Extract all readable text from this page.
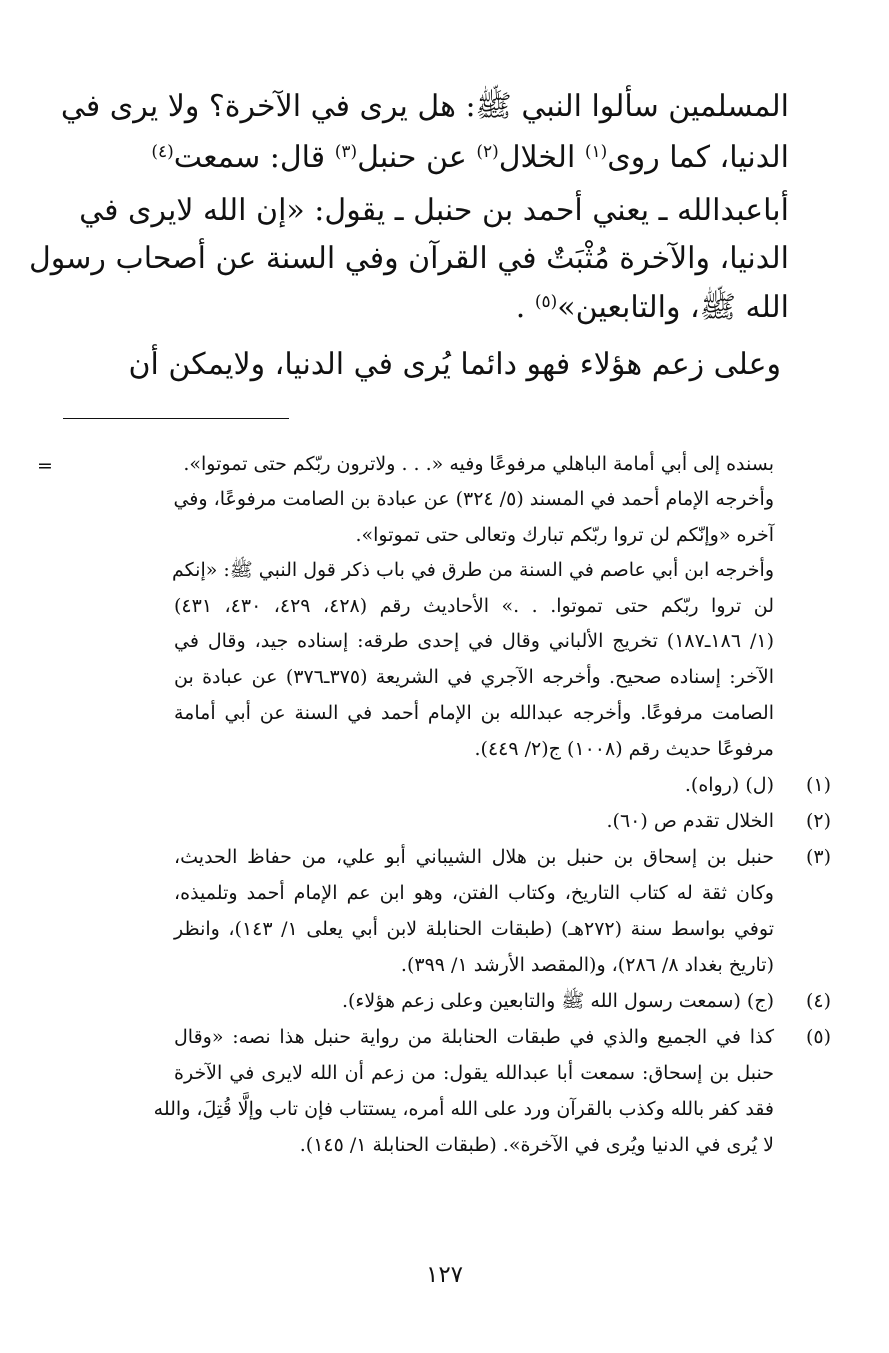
المسلمين سألوا النبي ﷺ: هل يرى في الآخرة؟ ولا يرى في
الدنيا، كما روى$^{(١)}$ الخلال$^{(٢)}$ عن حنبل$^{(٣)}$ قال: سمعت$^{(٤)}$
أباعبدالله ـ يعني أحمد بن حنبل ـ يقول: «إن الله لايرى في
الدنيا، والآخرة مُثْبَتٌ في القرآن وفي السنة عن أصحاب رسول
الله ﷺ، والتابعين»$^{(٥)}$ .
وعلى زعم هؤلاء فهو دائما يُرى في الدنيا، ولايمكن أن
=	بسنده إلى أبي أمامة الباهلي مرفوعًا وفيه «. . . ولاترون ربّكم حتى تموتوا».
وأخرجه الإمام أحمد في المسند (٥/ ٣٢٤) عن عبادة بن الصامت مرفوعًا، وفي
آخره «وإنّكم لن تروا ربّكم تبارك وتعالى حتى تموتوا».
وأخرجه ابن أبي عاصم في السنة من طرق في باب ذكر قول النبي ﷺ: «إنكم
لن تروا ربّكم حتى تموتوا. . .» الأحاديث رقم (٤٢٨، ٤٢٩، ٤٣٠، ٤٣١)
(١/ ١٨٦ـ١٨٧) تخريج الألباني وقال في إحدى طرقه: إسناده جيد، وقال في
الآخر: إسناده صحيح. وأخرجه الآجري في الشريعة (٣٧٥ـ٣٧٦) عن عبادة بن
الصامت مرفوعًا. وأخرجه عبدالله بن الإمام أحمد في السنة عن أبي أمامة
مرفوعًا حديث رقم (١٠٠٨) ج(٢/ ٤٤٩).
(١)
(ل) (رواه).
(٢)
الخلال تقدم ص (٦٠).
(٣)
حنبل بن إسحاق بن حنبل بن هلال الشيباني أبو علي، من حفاظ الحديث،
وكان ثقة له كتاب التاريخ، وكتاب الفتن، وهو ابن عم الإمام أحمد وتلميذه،
توفي بواسط سنة (٢٧٢هـ) (طبقات الحنابلة لابن أبي يعلى ١/ ١٤٣)، وانظر
(تاريخ بغداد ٨/ ٢٨٦)، و(المقصد الأرشد ١/ ٣٩٩).
(٤)
(ج) (سمعت رسول الله ﷺ والتابعين وعلى زعم هؤلاء).
(٥)
كذا في الجميع والذي في طبقات الحنابلة من رواية حنبل هذا نصه: «وقال
حنبل بن إسحاق: سمعت أبا عبدالله يقول: من زعم أن الله لايرى في الآخرة
فقد كفر بالله وكذب بالقرآن ورد على الله أمره، يستتاب فإن تاب وإلَّا قُتِلَ، والله
لا يُرى في الدنيا ويُرى في الآخرة». (طبقات الحنابلة ١/ ١٤٥).
١٢٧
